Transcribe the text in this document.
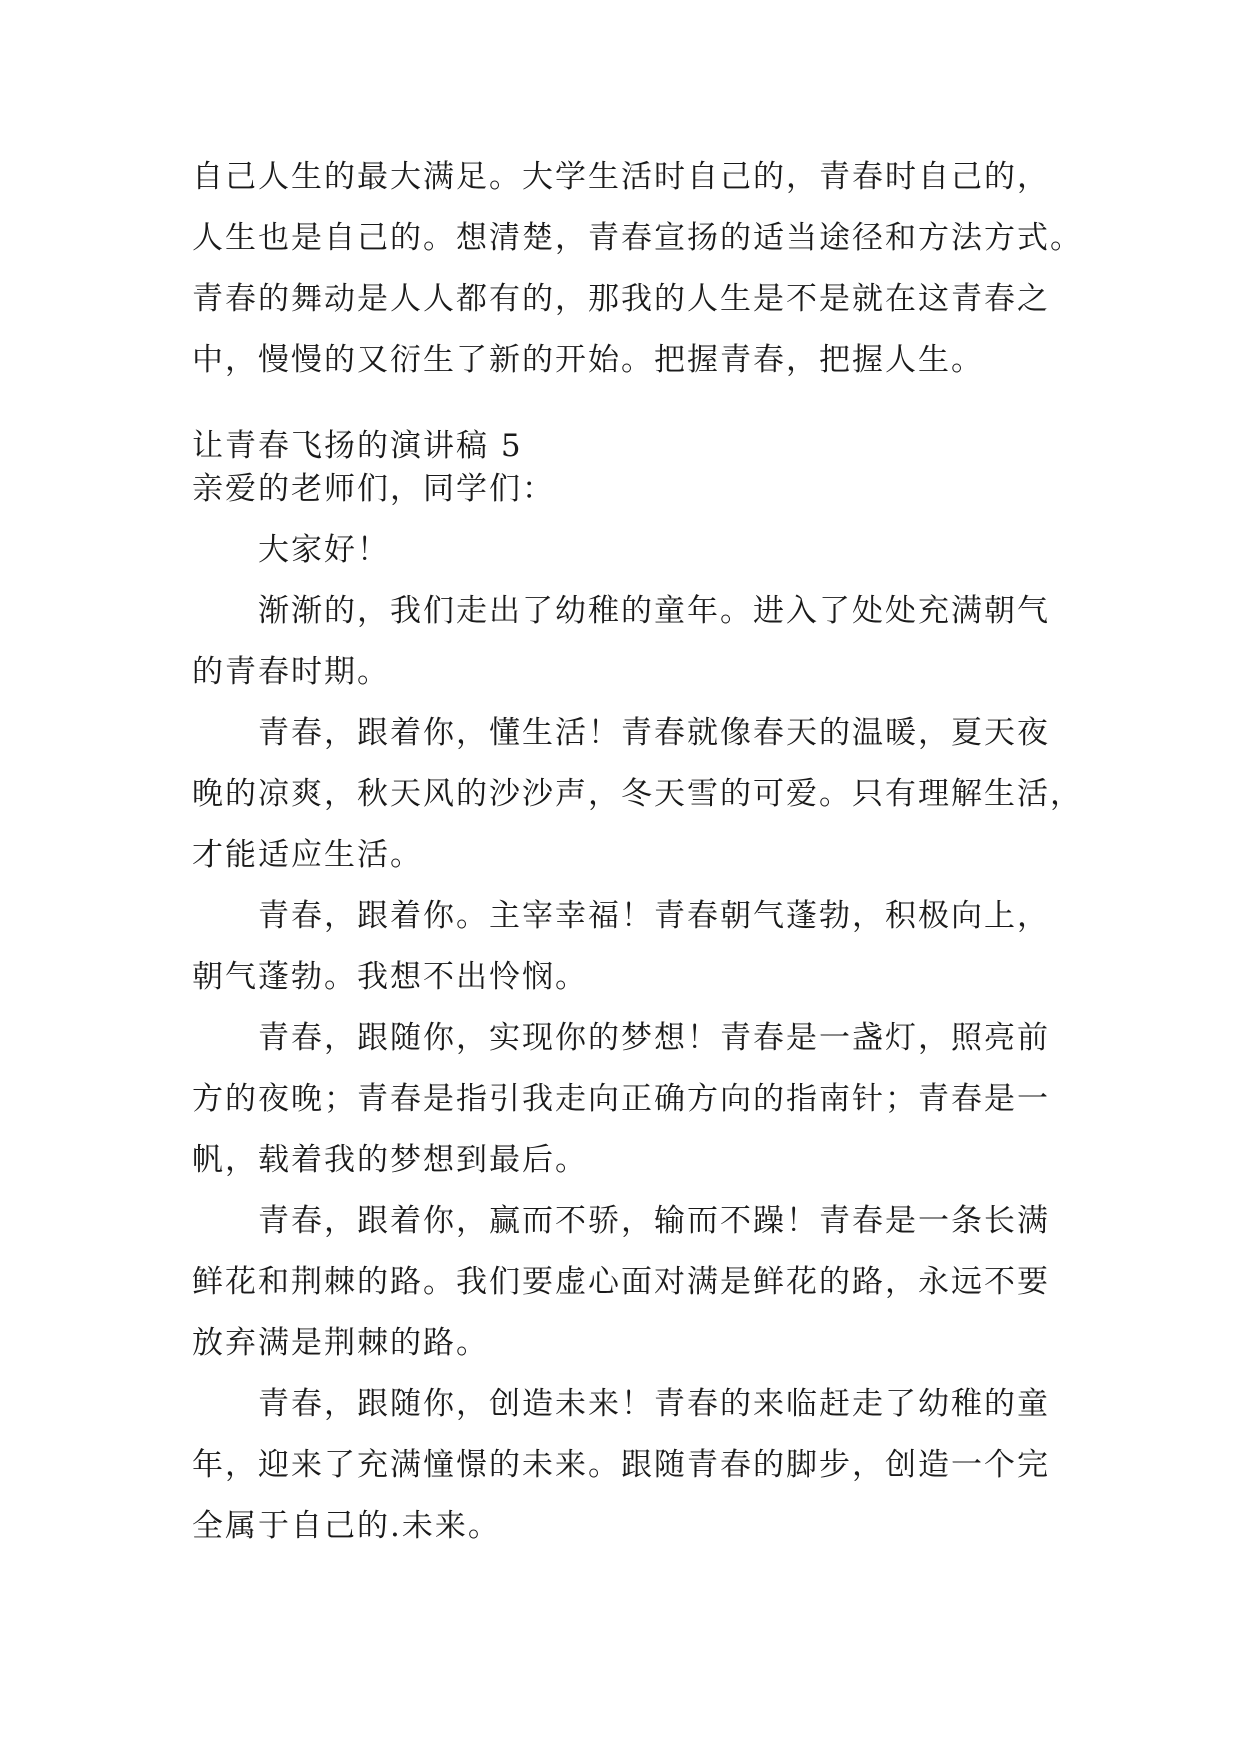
自己人生的最大满足。大学生活时自己的，青春时自己的，
人生也是自己的。想清楚，青春宣扬的适当途径和方法方式。
青春的舞动是人人都有的，那我的人生是不是就在这青春之
中，慢慢的又衍生了新的开始。把握青春，把握人生。
让青春飞扬的演讲稿 5
亲爱的老师们，同学们：
大家好！
渐渐的，我们走出了幼稚的童年。进入了处处充满朝气
的青春时期。
青春，跟着你，懂生活！青春就像春天的温暖，夏天夜
晚的凉爽，秋天风的沙沙声，冬天雪的可爱。只有理解生活，
才能适应生活。
青春，跟着你。主宰幸福！青春朝气蓬勃，积极向上，
朝气蓬勃。我想不出怜悯。
青春，跟随你，实现你的梦想！青春是一盏灯，照亮前
方的夜晚；青春是指引我走向正确方向的指南针；青春是一
帆，载着我的梦想到最后。
青春，跟着你，赢而不骄，输而不躁！青春是一条长满
鲜花和荆棘的路。我们要虚心面对满是鲜花的路，永远不要
放弃满是荆棘的路。
青春，跟随你，创造未来！青春的来临赶走了幼稚的童
年，迎来了充满憧憬的未来。跟随青春的脚步，创造一个完
全属于自己的.未来。
